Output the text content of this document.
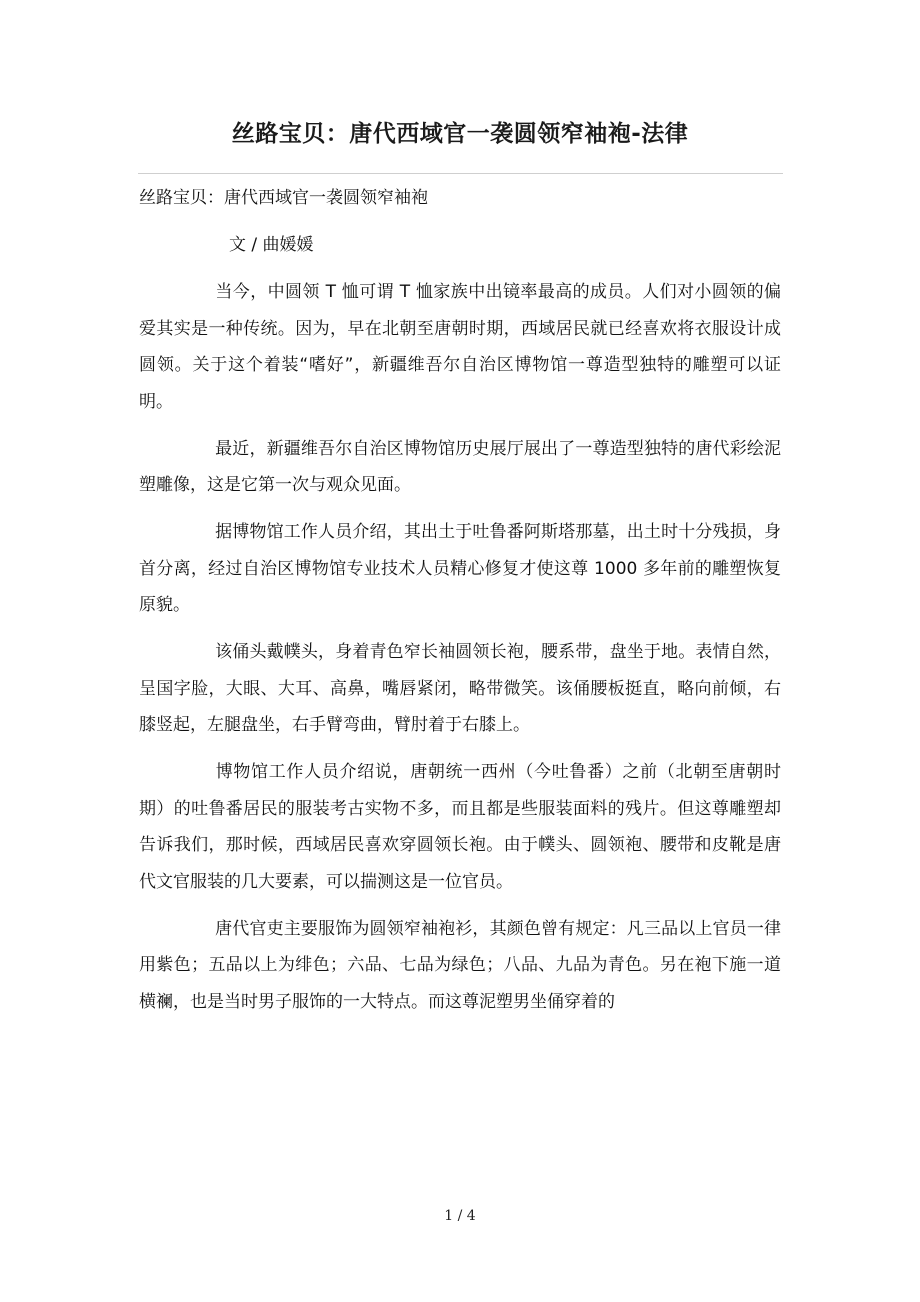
丝路宝贝：唐代西域官一袭圆领窄袖袍-法律

丝路宝贝：唐代西域官一袭圆领窄袖袍

文 / 曲媛媛

当今，中圆领 T 恤可谓 T 恤家族中出镜率最高的成员。人们对小圆领的偏爱其实是一种传统。因为，早在北朝至唐朝时期，西域居民就已经喜欢将衣服设计成圆领。关于这个着装“嗜好”，新疆维吾尔自治区博物馆一尊造型独特的雕塑可以证明。

最近，新疆维吾尔自治区博物馆历史展厅展出了一尊造型独特的唐代彩绘泥塑雕像，这是它第一次与观众见面。

据博物馆工作人员介绍，其出土于吐鲁番阿斯塔那墓，出土时十分残损，身首分离，经过自治区博物馆专业技术人员精心修复才使这尊 1000 多年前的雕塑恢复原貌。

该俑头戴幞头，身着青色窄长袖圆领长袍，腰系带，盘坐于地。表情自然，呈国字脸，大眼、大耳、高鼻，嘴唇紧闭，略带微笑。该俑腰板挺直，略向前倾，右膝竖起，左腿盘坐，右手臂弯曲，臂肘着于右膝上。

博物馆工作人员介绍说，唐朝统一西州（今吐鲁番）之前（北朝至唐朝时期）的吐鲁番居民的服装考古实物不多，而且都是些服装面料的残片。但这尊雕塑却告诉我们，那时候，西域居民喜欢穿圆领长袍。由于幞头、圆领袍、腰带和皮靴是唐代文官服装的几大要素，可以揣测这是一位官员。

唐代官吏主要服饰为圆领窄袖袍衫，其颜色曾有规定：凡三品以上官员一律用紫色；五品以上为绯色；六品、七品为绿色；八品、九品为青色。另在袍下施一道横襕，也是当时男子服饰的一大特点。而这尊泥塑男坐俑穿着的

1 / 4
